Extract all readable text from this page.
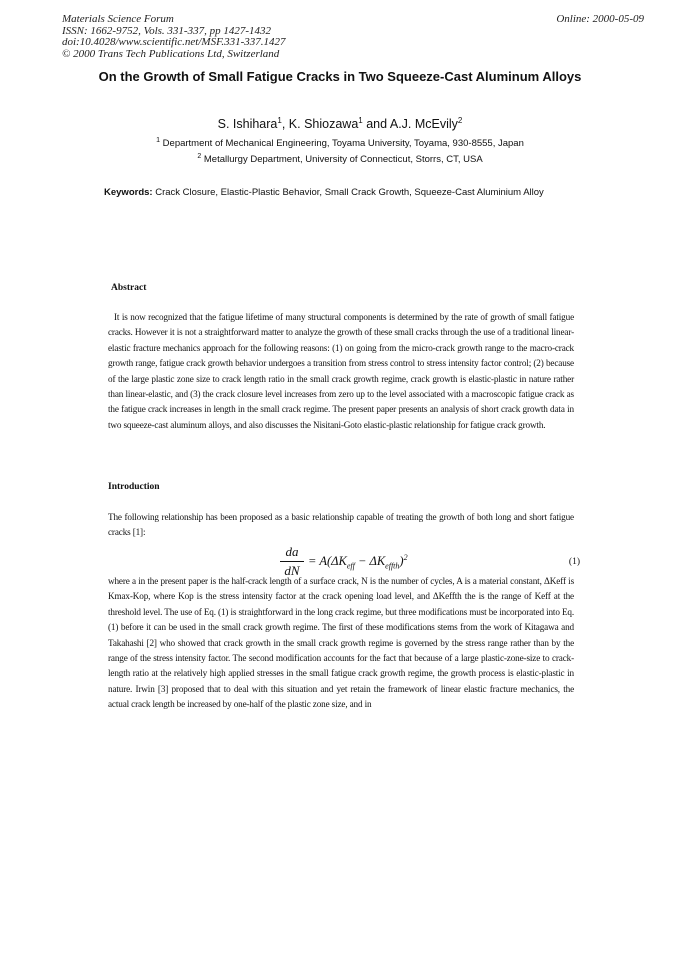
Materials Science Forum
ISSN: 1662-9752, Vols. 331-337, pp 1427-1432
doi:10.4028/www.scientific.net/MSF.331-337.1427
© 2000 Trans Tech Publications Ltd, Switzerland
Online: 2000-05-09
On the Growth of Small Fatigue Cracks in Two Squeeze-Cast Aluminum Alloys
S. Ishihara$^1$, K. Shiozawa$^1$ and A.J. McEvily$^2$
$^1$ Department of Mechanical Engineering, Toyama University, Toyama, 930-8555, Japan
$^2$ Metallurgy Department, University of Connecticut, Storrs, CT, USA
Keywords: Crack Closure, Elastic-Plastic Behavior, Small Crack Growth, Squeeze-Cast Aluminium Alloy
Abstract
It is now recognized that the fatigue lifetime of many structural components is determined by the rate of growth of small fatigue cracks. However it is not a straightforward matter to analyze the growth of these small cracks through the use of a traditional linear-elastic fracture mechanics approach for the following reasons: (1) on going from the micro-crack growth range to the macro-crack growth range, fatigue crack growth behavior undergoes a transition from stress control to stress intensity factor control; (2) because of the large plastic zone size to crack length ratio in the small crack growth regime, crack growth is elastic-plastic in nature rather than linear-elastic, and (3) the crack closure level increases from zero up to the level associated with a macroscopic fatigue crack as the fatigue crack increases in length in the small crack regime. The present paper presents an analysis of short crack growth data in two squeeze-cast aluminum alloys, and also discusses the Nisitani-Goto elastic-plastic relationship for fatigue crack growth.
Introduction
The following relationship has been proposed as a basic relationship capable of treating the growth of both long and short fatigue cracks [1]:
da
dN
= $A(\Delta K_{eff} - \Delta K_{effth})^2$	(1)
where a in the present paper is the half-crack length of a surface crack, N is the number of cycles, A is a material constant, ΔKeff is Kmax-Kop, where Kop is the stress intensity factor at the crack opening load level, and ΔKeffth the is the range of Keff at the threshold level. The use of Eq. (1) is straightforward in the long crack regime, but three modifications must be incorporated into Eq. (1) before it can be used in the small crack growth regime. The first of these modifications stems from the work of Kitagawa and Takahashi [2] who showed that crack growth in the small crack growth regime is governed by the stress range rather than by the range of the stress intensity factor. The second modification accounts for the fact that because of a large plastic-zone-size to crack-length ratio at the relatively high applied stresses in the small fatigue crack growth regime, the growth process is elastic-plastic in nature. Irwin [3] proposed that to deal with this situation and yet retain the framework of linear elastic fracture mechanics, the actual crack length be increased by one-half of the plastic zone size, and in
